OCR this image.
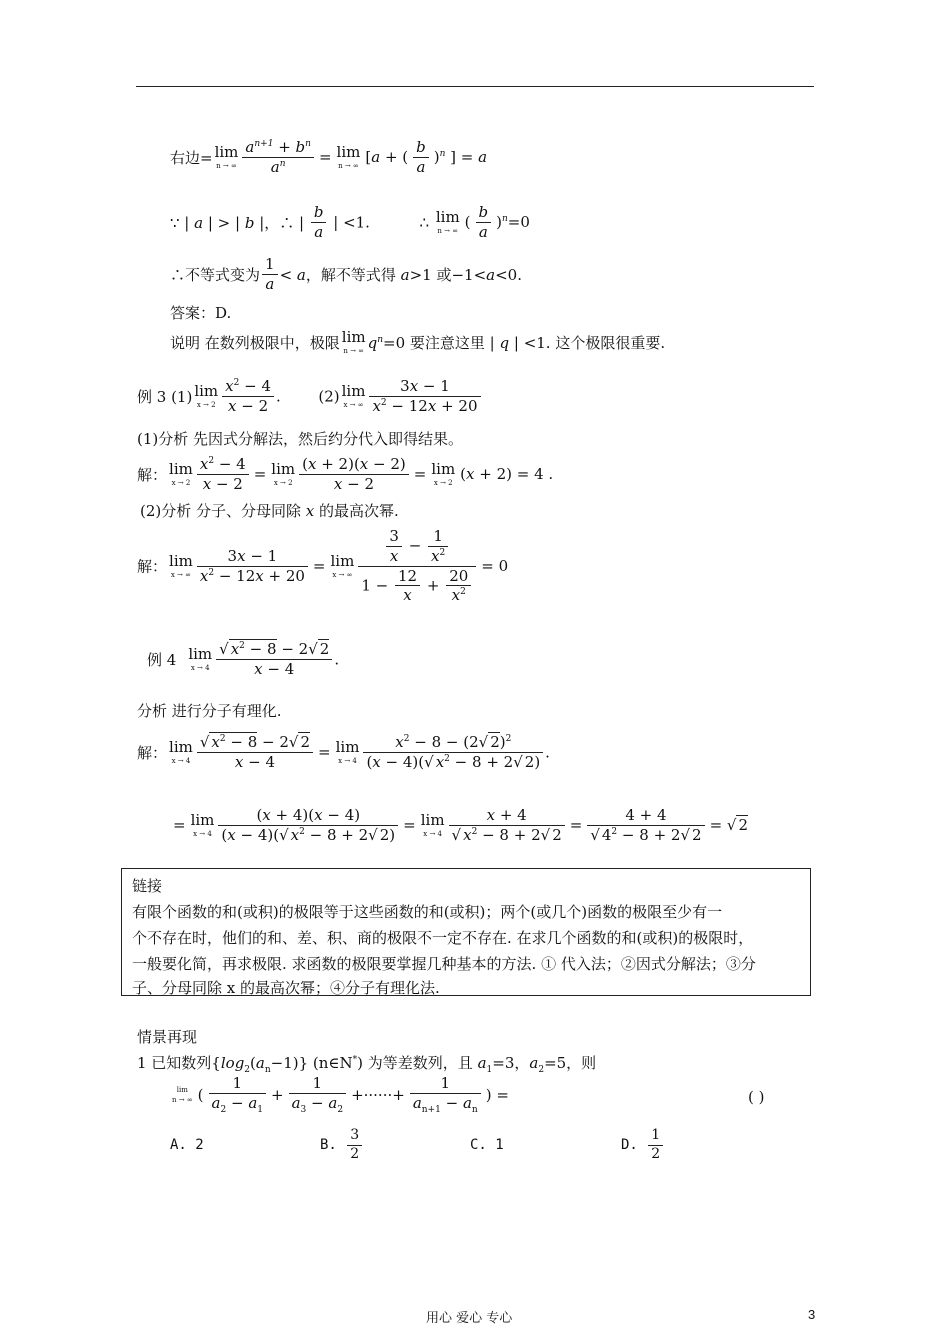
右边= lim
n → ∞ $\frac{a^{n+1} + b^n}{a^n} = \lim$
n → ∞ [a + ( $\frac{b}{a} )^n$ ] = a
∵ | a | > | b |，∴ | $\frac{b}{a}$ | <1.	∴ lim
n → ∞ ( $\frac{b}{a} )^n=0$
∴不等式变为 $\frac{1}{a} < a$，解不等式得 a>1 或−1<a<0.
答案：D.
说明 在数列极限中，极限 lim
n → ∞ $q^n=0$ 要注意这里 | q | <1. 这个极限很重要.
例 3 (1) lim
$x \to 2 \frac{x^2 - 4}{x - 2}$ .	(2) lim
x → ∞ $\frac{3x - 1}{x^2 - 12x + 20}$
(1)分析 先因式分解法，然后约分代入即得结果。
解： lim
$x \to 2 \frac{x^2 - 4}{x - 2} = \lim$
$x \to 2 \frac{(x + 2)(x - 2)}{x - 2} = \lim$
x → 2 (x + 2) = 4 .
(2)分析 分子、分母同除 x 的最高次幂.
解： lim
x → ∞ $\frac{3x - 1}{x^2 - 12x + 20} = \lim$
x → ∞ $\frac{\frac{3}{x} - \frac{1}{x^2}}{1 - \frac{12}{x} + \frac{20}{x^2}} = 0$
例 4 lim
$x \to 4 \frac{√ x^2 - 8 - 2√ 2}{x - 4}$ .
分析 进行分子有理化.
解： lim
$x \to 4 \frac{√ x^2 - 8 - 2√ 2}{x - 4} = \lim$
$x \to 4 \frac{x^2 - 8 - (2√ 2)^2}{(x - 4)(√ x^2 - 8 + 2√ 2)}$ .
= lim
$x \to 4 \frac{(x + 4)(x - 4)}{(x - 4)(√ x^2 - 8 + 2√ 2)} = \lim$
$x \to 4 \frac{x + 4}{√ x^2 - 8 + 2√ 2} = \frac{4 + 4}{√ 4^2 - 8 + 2√ 2}$ = √ 2

链接

有限个函数的和(或积)的极限等于这些函数的和(或积)；两个(或几个)函数的极限至少有一

个不存在时，他们的和、差、积、商的极限不一定不存在. 在求几个函数的和(或积)的极限时，

一般要化简，再求极限. 求函数的极限要掌握几种基本的方法. ① 代入法；②因式分解法；③分

子、分母同除 x 的最高次幂；④分子有理化法.

情景再现
1 已知数列$\{\log_2(a_n-1)\}$ (n∈N*) 为等差数列，且 $a_1=3$，$a_2=5$，则
lim
n → ∞ ( $\frac{1}{a_2 - a_1} + \frac{1}{a_3 - a_2}$ +······+ $\frac{1}{a_{n+1} - a_n}$ ) =	( )
A. 2	B. $\frac{3}{2}$	C. 1	D. $\frac{1}{2}$
用心 爱心 专心	3
